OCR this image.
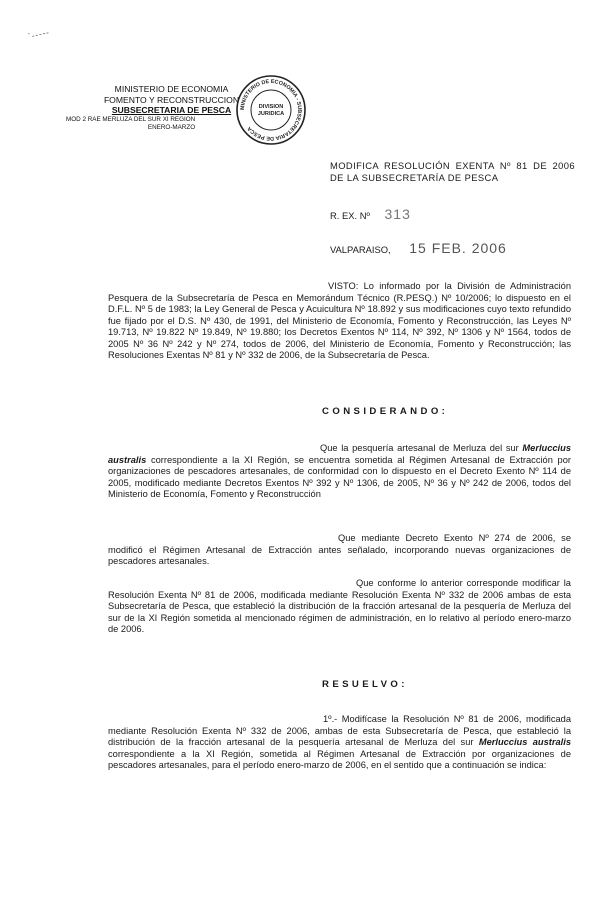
`-----
MINISTERIO DE ECONOMIA
FOMENTO Y RECONSTRUCCION
SUBSECRETARIA DE PESCA
MOD 2 RAE MERLUZA DEL SUR XI REGION
ENERO-MARZO
MINISTERIO DE ECONOMIA - SUBSECRETARIA DE PESCA
DIVISION
JURIDICA
MODIFICA RESOLUCIÓN EXENTA Nº 81 DE 2006 DE LA SUBSECRETARÍA DE PESCA
R. EX. Nº 313
VALPARAISO, 15 FEB. 2006
VISTO: Lo informado por la División de Administración Pesquera de la Subsecretaría de Pesca en Memorándum Técnico (R.PESQ.) Nº 10/2006; lo dispuesto en el D.F.L. Nº 5 de 1983; la Ley General de Pesca y Acuicultura Nº 18.892 y sus modificaciones cuyo texto refundido fue fijado por el D.S. Nº 430, de 1991, del Ministerio de Economía, Fomento y Reconstrucción, las Leyes Nº 19.713, Nº 19.822 Nº 19.849, Nº 19.880; los Decretos Exentos Nº 114, Nº 392, Nº 1306 y Nº 1564, todos de 2005 Nº 36 Nº 242 y Nº 274, todos de 2006, del Ministerio de Economía, Fomento y Reconstrucción; las Resoluciones Exentas Nº 81 y Nº 332 de 2006, de la Subsecretaría de Pesca.
CONSIDERANDO:
Que la pesquería artesanal de Merluza del sur Merluccius australis correspondiente a la XI Región, se encuentra sometida al Régimen Artesanal de Extracción por organizaciones de pescadores artesanales, de conformidad con lo dispuesto en el Decreto Exento Nº 114 de 2005, modificado mediante Decretos Exentos Nº 392 y Nº 1306, de 2005, Nº 36 y Nº 242 de 2006, todos del Ministerio de Economía, Fomento y Reconstrucción
Que mediante Decreto Exento Nº 274 de 2006, se modificó el Régimen Artesanal de Extracción antes señalado, incorporando nuevas organizaciones de pescadores artesanales.
Que conforme lo anterior corresponde modificar la Resolución Exenta Nº 81 de 2006, modificada mediante Resolución Exenta Nº 332 de 2006 ambas de esta Subsecretaría de Pesca, que estableció la distribución de la fracción artesanal de la pesquería de Merluza del sur de la XI Región sometida al mencionado régimen de administración, en lo relativo al período enero-marzo de 2006.
RESUELVO:
1º.- Modifícase la Resolución Nº 81 de 2006, modificada mediante Resolución Exenta Nº 332 de 2006, ambas de esta Subsecretaría de Pesca, que estableció la distribución de la fracción artesanal de la pesquería artesanal de Merluza del sur Merluccius australis correspondiente a la XI Región, sometida al Régimen Artesanal de Extracción por organizaciones de pescadores artesanales, para el período enero-marzo de 2006, en el sentido que a continuación se indica:
